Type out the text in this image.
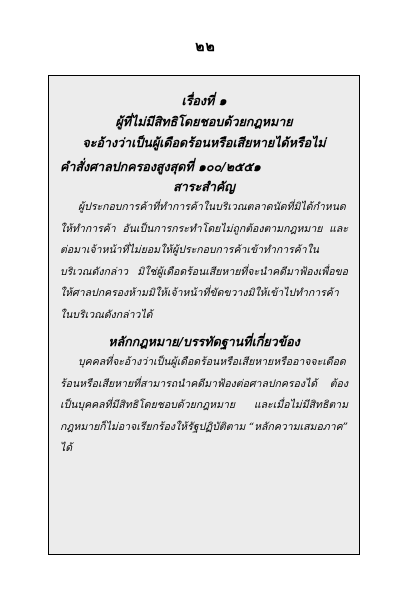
๒๒
เรื่องที่ ๑
ผู้ที่ไม่มีสิทธิโดยชอบด้วยกฎหมาย
จะอ้างว่าเป็นผู้เดือดร้อนหรือเสียหายได้หรือไม่
คำสั่งศาลปกครองสูงสุดที่ ๑๐๐/๒๕๕๑
สาระสำคัญ

ผู้ประกอบการค้าที่ทำการค้าในบริเวณตลาดนัดที่มิได้กำหนดให้ทำการค้า อันเป็นการกระทำโดยไม่ถูกต้องตามกฎหมาย และต่อมาเจ้าหน้าที่ไม่ยอมให้ผู้ประกอบการค้าเข้าทำการค้าในบริเวณดังกล่าว มิใช่ผู้เดือดร้อนเสียหายที่จะนำคดีมาฟ้องเพื่อขอให้ศาลปกครองห้ามมิให้เจ้าหน้าที่ขัดขวางมิให้เข้าไปทำการค้าในบริเวณดังกล่าวได้

หลักกฎหมาย/บรรทัดฐานที่เกี่ยวข้อง

บุคคลที่จะอ้างว่าเป็นผู้เดือดร้อนหรือเสียหายหรืออาจจะเดือดร้อนหรือเสียหายที่สามารถนำคดีมาฟ้องต่อศาลปกครองได้ ต้องเป็นบุคคลที่มีสิทธิโดยชอบด้วยกฎหมาย และเมื่อไม่มีสิทธิตามกฎหมายก็ไม่อาจเรียกร้องให้รัฐปฏิบัติตาม “หลักความเสมอภาค” ได้
